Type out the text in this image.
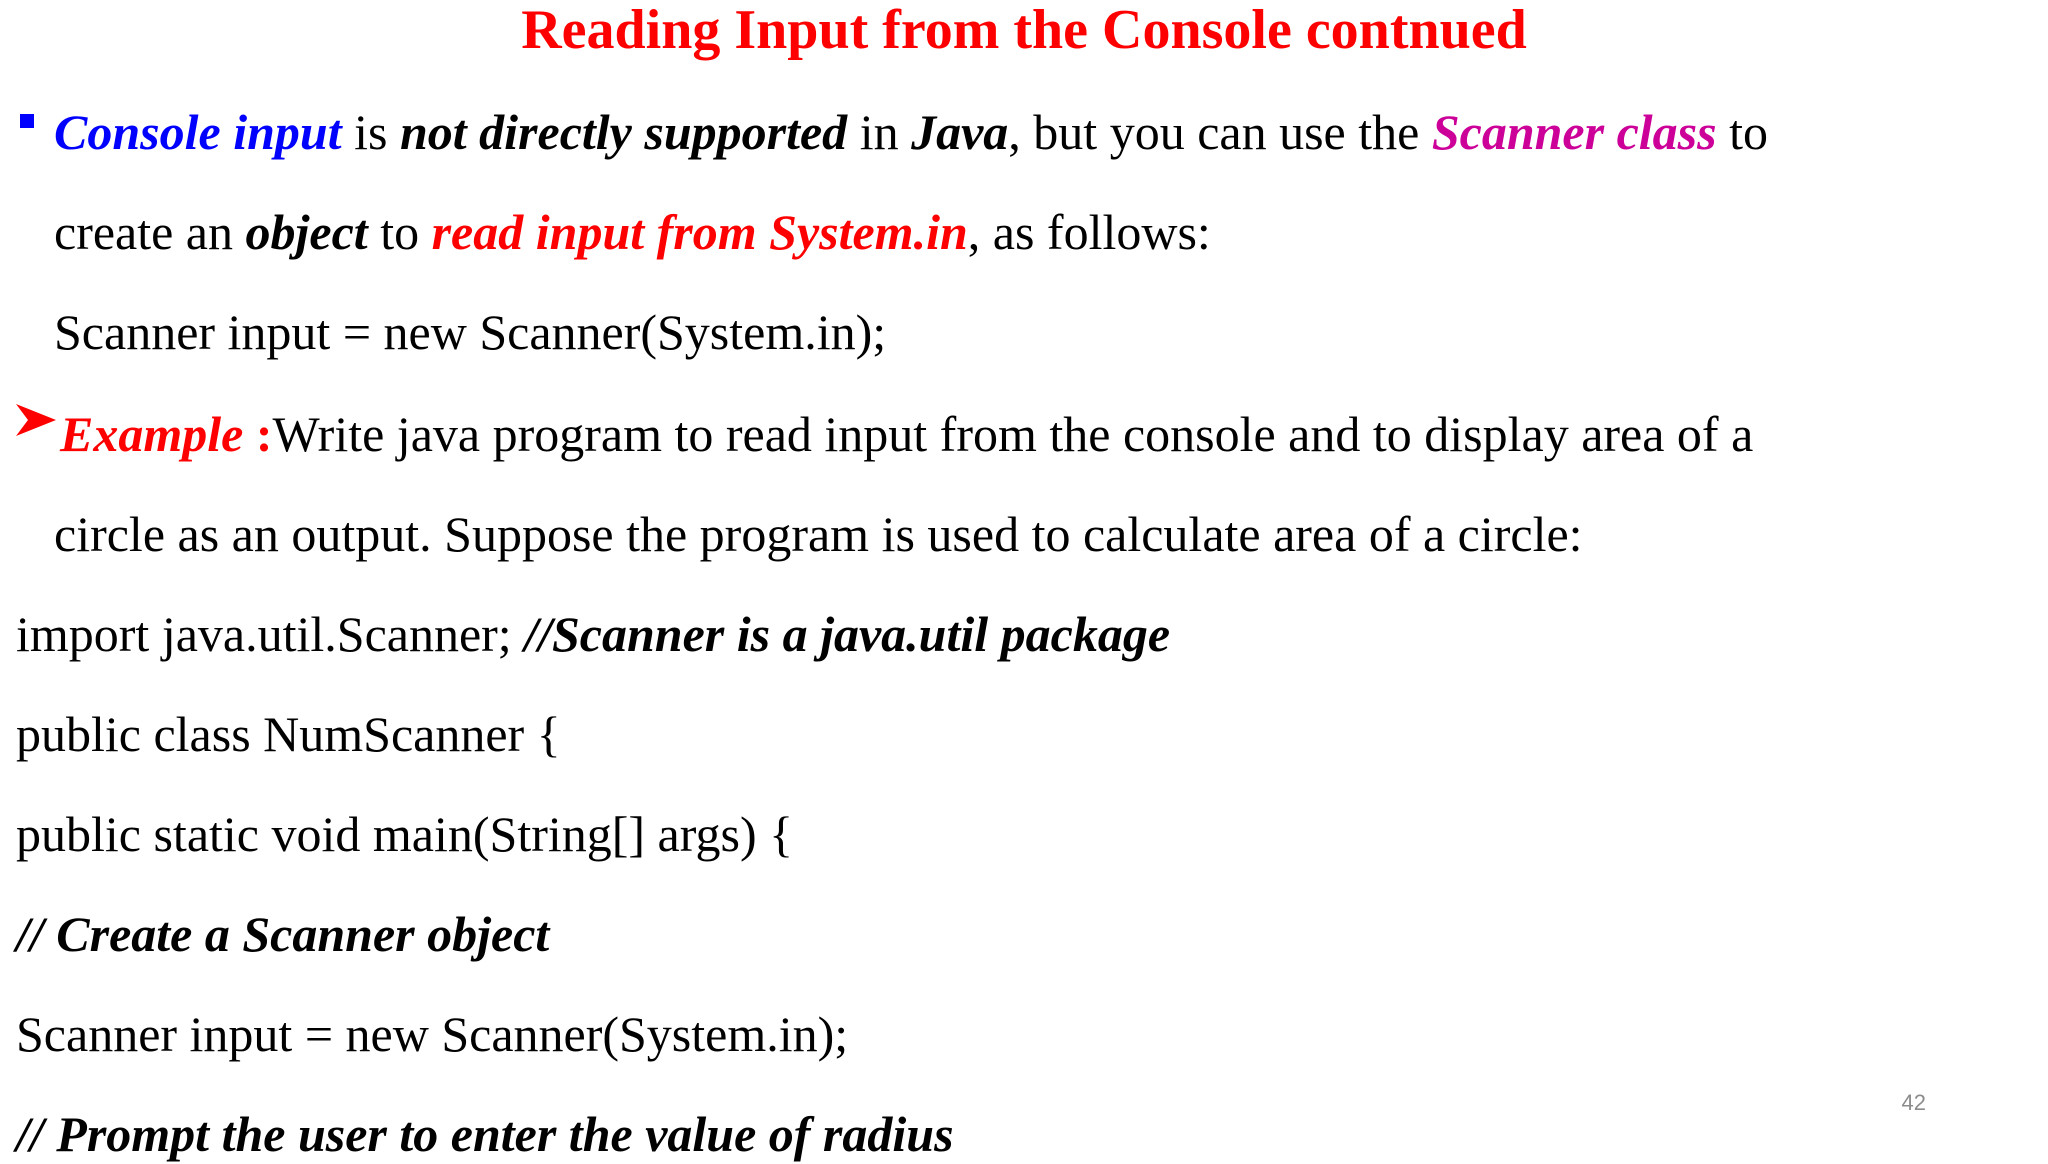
Reading Input from the Console contnued
Console input is not directly supported in Java, but you can use the Scanner class to
create an object to read input from System.in, as follows:
Scanner input = new Scanner(System.in);
Example :Write java program to read input from the console and to display area of a
circle as an output. Suppose the program is used to calculate area of a circle:
import java.util.Scanner; //Scanner is a java.util package
public class NumScanner {
public static void main(String[] args) {
// Create a Scanner object
Scanner input = new Scanner(System.in);
// Prompt the user to enter the value of radius
42
